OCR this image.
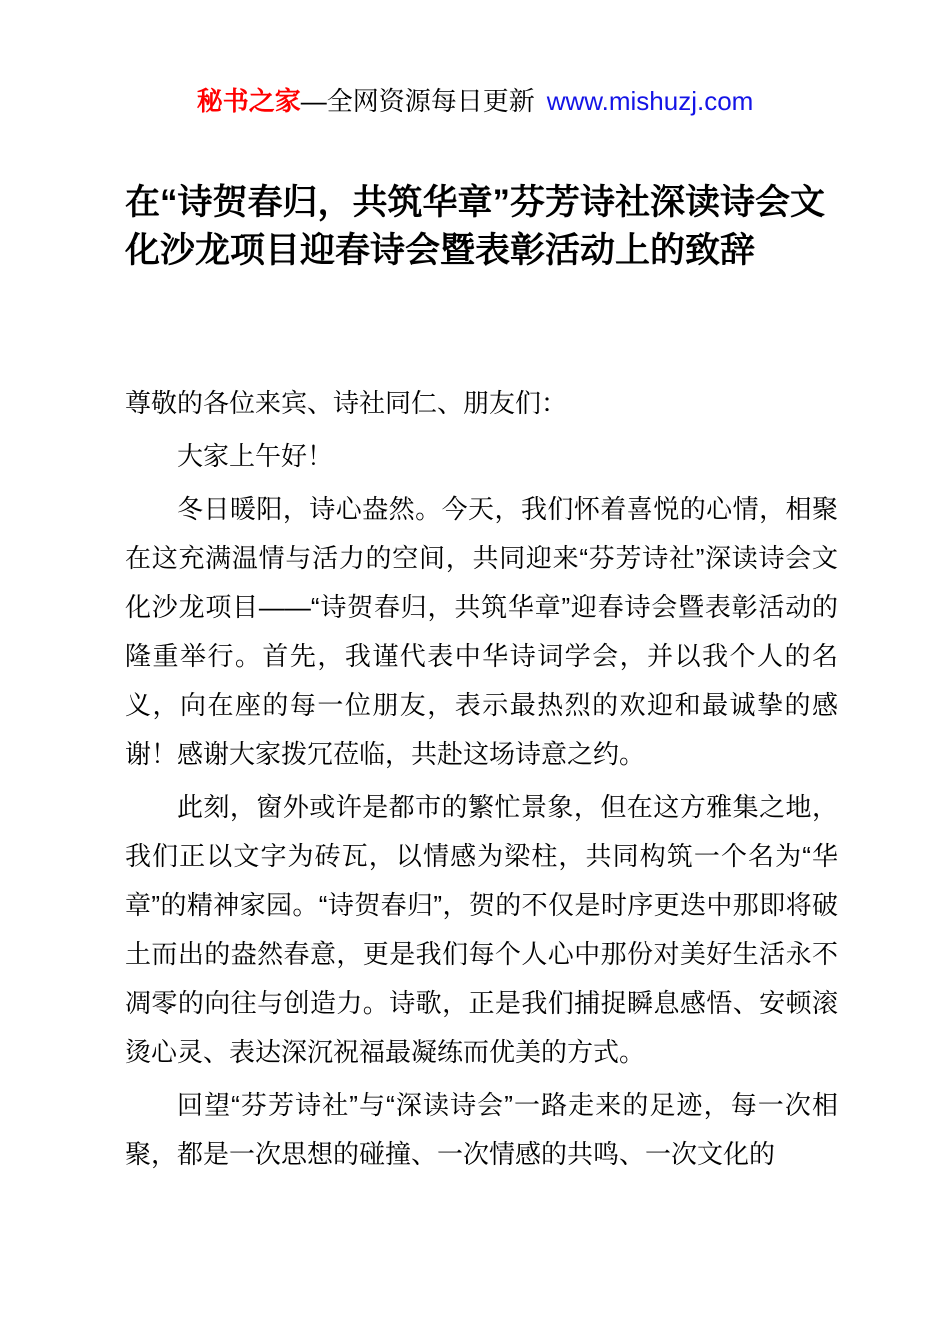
秘书之家—全网资源每日更新 www.mishuzj.com
在“诗贺春归，共筑华章”芬芳诗社深读诗会文化沙龙项目迎春诗会暨表彰活动上的致辞

尊敬的各位来宾、诗社同仁、朋友们：

大家上午好！

冬日暖阳，诗心盎然。今天，我们怀着喜悦的心情，相聚在这充满温情与活力的空间，共同迎来“芬芳诗社”深读诗会文化沙龙项目——“诗贺春归，共筑华章”迎春诗会暨表彰活动的隆重举行。首先，我谨代表中华诗词学会，并以我个人的名义，向在座的每一位朋友，表示最热烈的欢迎和最诚挚的感谢！感谢大家拨冗莅临，共赴这场诗意之约。

此刻，窗外或许是都市的繁忙景象，但在这方雅集之地，我们正以文字为砖瓦，以情感为梁柱，共同构筑一个名为“华章”的精神家园。“诗贺春归”，贺的不仅是时序更迭中那即将破土而出的盎然春意，更是我们每个人心中那份对美好生活永不凋零的向往与创造力。诗歌，正是我们捕捉瞬息感悟、安顿滚烫心灵、表达深沉祝福最凝练而优美的方式。

回望“芬芳诗社”与“深读诗会”一路走来的足迹，每一次相聚，都是一次思想的碰撞、一次情感的共鸣、一次文化的
